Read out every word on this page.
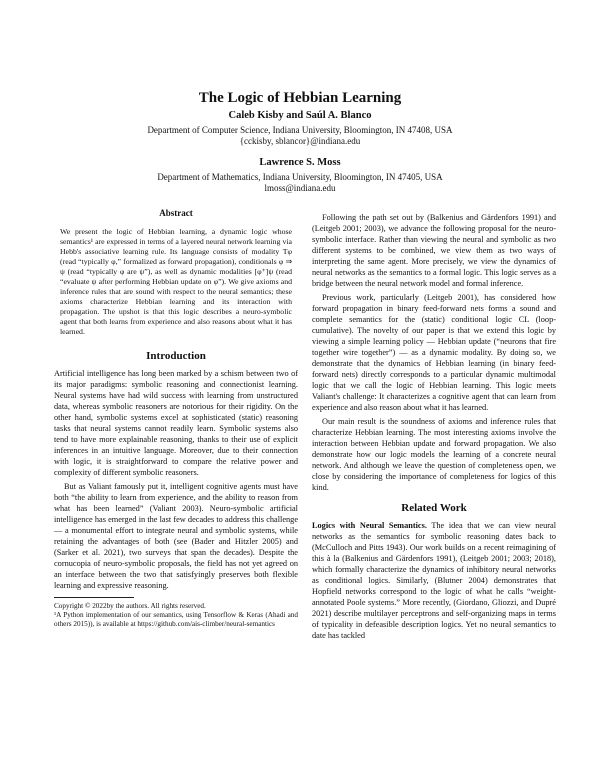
The Logic of Hebbian Learning
Caleb Kisby and Saúl A. Blanco
Department of Computer Science, Indiana University, Bloomington, IN 47408, USA
{cckisby, sblancor}@indiana.edu
Lawrence S. Moss
Department of Mathematics, Indiana University, Bloomington, IN 47405, USA
lmoss@indiana.edu
Abstract
We present the logic of Hebbian learning, a dynamic logic whose semantics¹ are expressed in terms of a layered neural network learning via Hebb's associative learning rule. Its language consists of modality Tφ (read “typically φ,” formalized as forward propagation), conditionals φ ⇒ ψ (read “typically φ are ψ”), as well as dynamic modalities [φ⁺]ψ (read “evaluate ψ after performing Hebbian update on φ”). We give axioms and inference rules that are sound with respect to the neural semantics; these axioms characterize Hebbian learning and its interaction with propagation. The upshot is that this logic describes a neuro-symbolic agent that both learns from experience and also reasons about what it has learned.
Introduction

Artificial intelligence has long been marked by a schism between two of its major paradigms: symbolic reasoning and connectionist learning. Neural systems have had wild success with learning from unstructured data, whereas symbolic reasoners are notorious for their rigidity. On the other hand, symbolic systems excel at sophisticated (static) reasoning tasks that neural systems cannot readily learn. Symbolic systems also tend to have more explainable reasoning, thanks to their use of explicit inferences in an intuitive language. Moreover, due to their connection with logic, it is straightforward to compare the relative power and complexity of different symbolic reasoners.

But as Valiant famously put it, intelligent cognitive agents must have both “the ability to learn from experience, and the ability to reason from what has been learned” (Valiant 2003). Neuro-symbolic artificial intelligence has emerged in the last few decades to address this challenge — a monumental effort to integrate neural and symbolic systems, while retaining the advantages of both (see (Bader and Hitzler 2005) and (Sarker et al. 2021), two surveys that span the decades). Despite the cornucopia of neuro-symbolic proposals, the field has not yet agreed on an interface between the two that satisfyingly preserves both flexible learning and expressive reasoning.

Copyright © 2022by the authors. All rights reserved.

¹A Python implementation of our semantics, using Tensorflow & Keras (Ahadi and others 2015)), is available at https://github.com/ais-climber/neural-semantics

Following the path set out by (Balkenius and Gärdenfors 1991) and (Leitgeb 2001; 2003), we advance the following proposal for the neuro-symbolic interface. Rather than viewing the neural and symbolic as two different systems to be combined, we view them as two ways of interpreting the same agent. More precisely, we view the dynamics of neural networks as the semantics to a formal logic. This logic serves as a bridge between the neural network model and formal inference.

Previous work, particularly (Leitgeb 2001), has considered how forward propagation in binary feed-forward nets forms a sound and complete semantics for the (static) conditional logic CL (loop-cumulative). The novelty of our paper is that we extend this logic by viewing a simple learning policy — Hebbian update (“neurons that fire together wire together”) — as a dynamic modality. By doing so, we demonstrate that the dynamics of Hebbian learning (in binary feed-forward nets) directly corresponds to a particular dynamic multimodal logic that we call the logic of Hebbian learning. This logic meets Valiant's challenge: It characterizes a cognitive agent that can learn from experience and also reason about what it has learned.

Our main result is the soundness of axioms and inference rules that characterize Hebbian learning. The most interesting axioms involve the interaction between Hebbian update and forward propagation. We also demonstrate how our logic models the learning of a concrete neural network. And although we leave the question of completeness open, we close by considering the importance of completeness for logics of this kind.

Related Work

Logics with Neural Semantics. The idea that we can view neural networks as the semantics for symbolic reasoning dates back to (McCulloch and Pitts 1943). Our work builds on a recent reimagining of this à la (Balkenius and Gärdenfors 1991), (Leitgeb 2001; 2003; 2018), which formally characterize the dynamics of inhibitory neural networks as conditional logics. Similarly, (Blutner 2004) demonstrates that Hopfield networks correspond to the logic of what he calls “weight-annotated Poole systems.” More recently, (Giordano, Gliozzi, and Dupré 2021) describe multilayer perceptrons and self-organizing maps in terms of typicality in defeasible description logics. Yet no neural semantics to date has tackled
